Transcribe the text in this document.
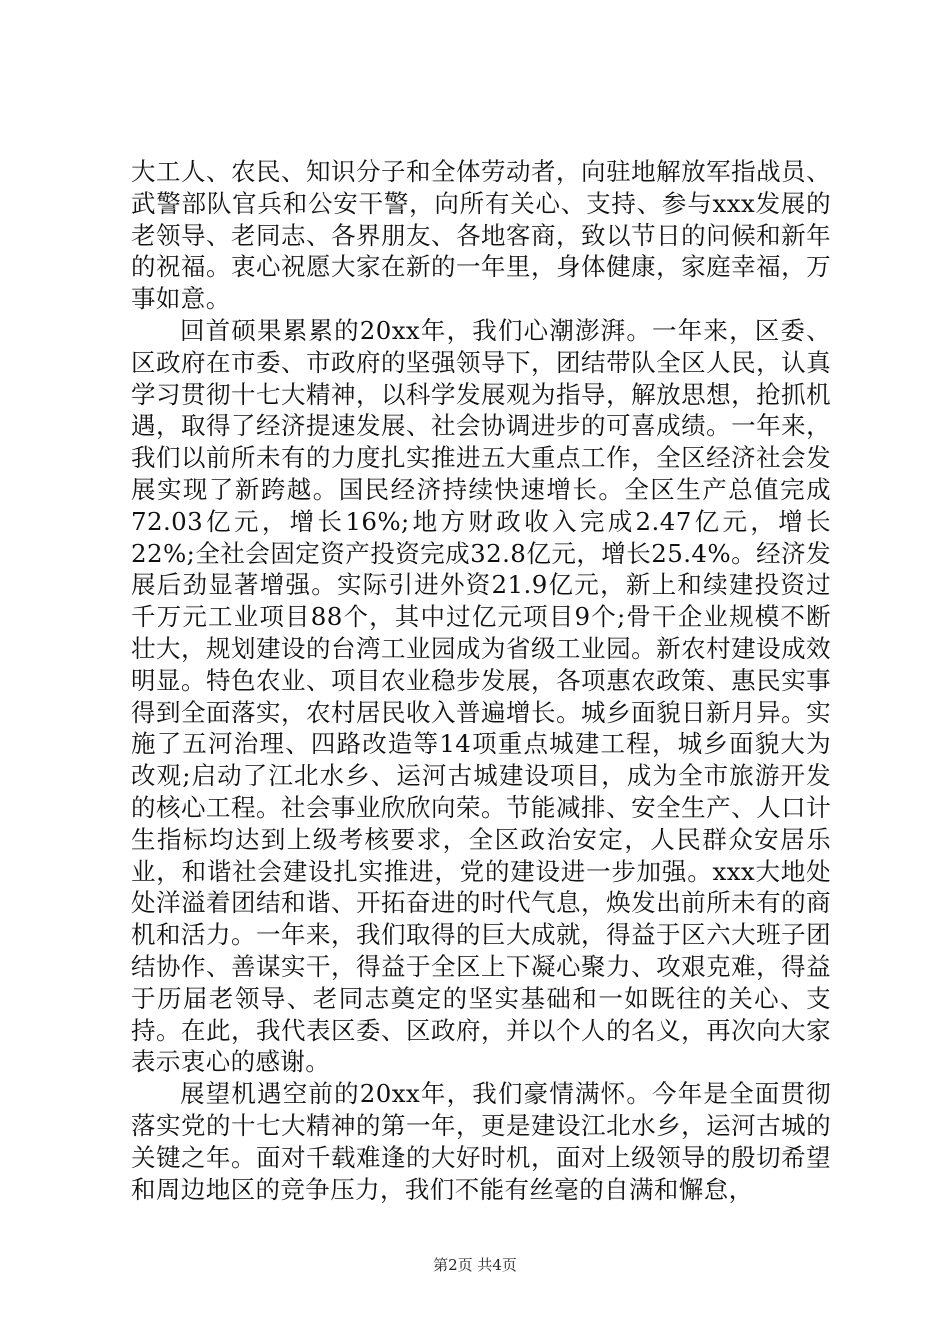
大工人、农民、知识分子和全体劳动者，向驻地解放军指战员、武警部队官兵和公安干警，向所有关心、支持、参与xxx发展的老领导、老同志、各界朋友、各地客商，致以节日的问候和新年的祝福。衷心祝愿大家在新的一年里，身体健康，家庭幸福，万事如意。

回首硕果累累的20xx年，我们心潮澎湃。一年来，区委、区政府在市委、市政府的坚强领导下，团结带队全区人民，认真学习贯彻十七大精神，以科学发展观为指导，解放思想，抢抓机遇，取得了经济提速发展、社会协调进步的可喜成绩。一年来，我们以前所未有的力度扎实推进五大重点工作，全区经济社会发展实现了新跨越。国民经济持续快速增长。全区生产总值完成72.03亿元，增长16%;地方财政收入完成2.47亿元，增长22%;全社会固定资产投资完成32.8亿元，增长25.4%。经济发展后劲显著增强。实际引进外资21.9亿元，新上和续建投资过千万元工业项目88个，其中过亿元项目9个;骨干企业规模不断壮大，规划建设的台湾工业园成为省级工业园。新农村建设成效明显。特色农业、项目农业稳步发展，各项惠农政策、惠民实事得到全面落实，农村居民收入普遍增长。城乡面貌日新月异。实施了五河治理、四路改造等14项重点城建工程，城乡面貌大为改观;启动了江北水乡、运河古城建设项目，成为全市旅游开发的核心工程。社会事业欣欣向荣。节能减排、安全生产、人口计生指标均达到上级考核要求，全区政治安定，人民群众安居乐业，和谐社会建设扎实推进，党的建设进一步加强。xxx大地处处洋溢着团结和谐、开拓奋进的时代气息，焕发出前所未有的商机和活力。一年来，我们取得的巨大成就，得益于区六大班子团结协作、善谋实干，得益于全区上下凝心聚力、攻艰克难，得益于历届老领导、老同志奠定的坚实基础和一如既往的关心、支持。在此，我代表区委、区政府，并以个人的名义，再次向大家表示衷心的感谢。

展望机遇空前的20xx年，我们豪情满怀。今年是全面贯彻落实党的十七大精神的第一年，更是建设江北水乡，运河古城的关键之年。面对千载难逢的大好时机，面对上级领导的殷切希望和周边地区的竞争压力，我们不能有丝毫的自满和懈怠，

第2页 共4页
